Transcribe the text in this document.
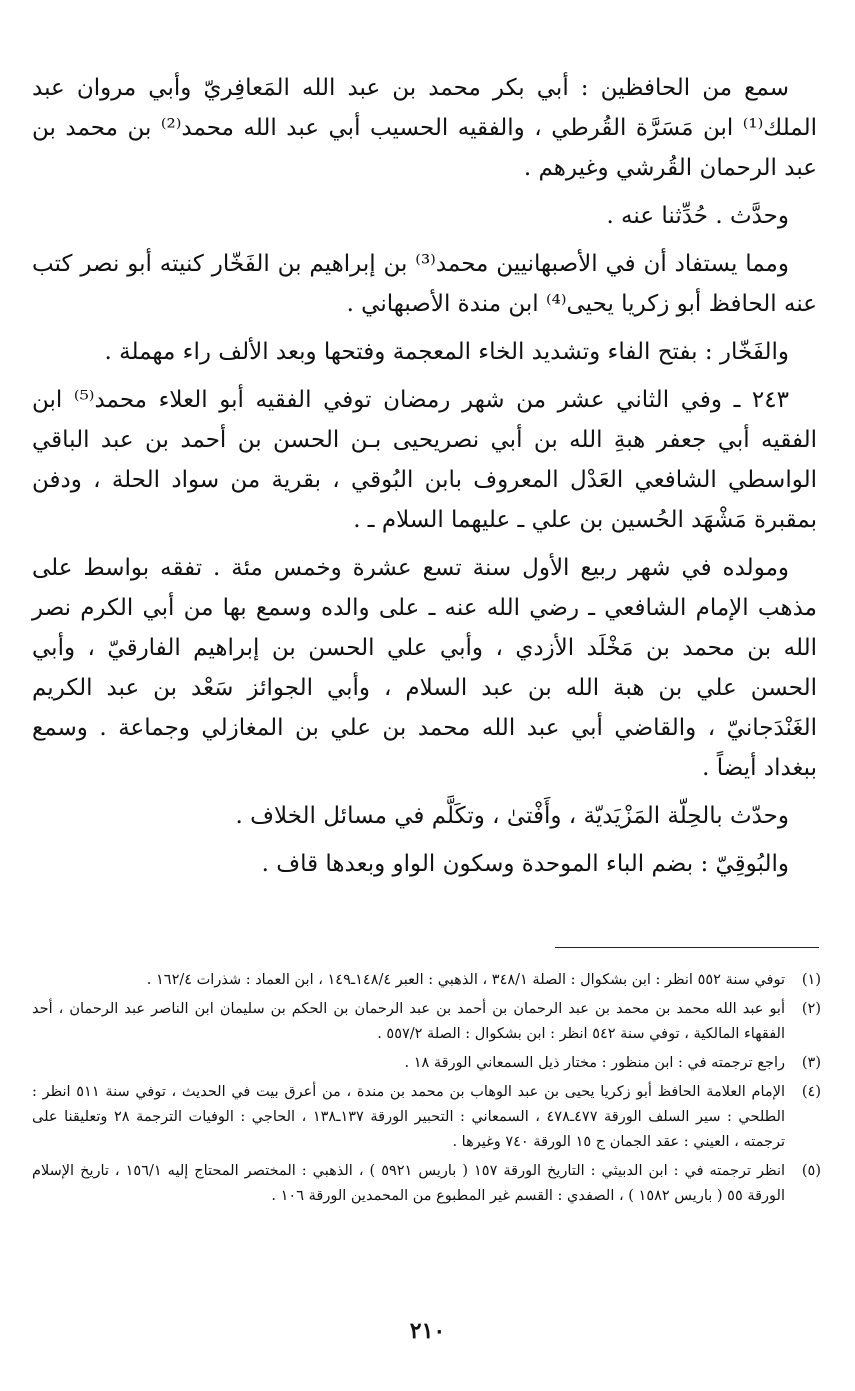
سمع من الحافظين : أبي بكر محمد بن عبد الله المَعافِريّ وأبي مروان عبد الملك⁽¹⁾ ابن مَسَرَّة القُرطي ، والفقيه الحسيب أبي عبد الله محمد⁽²⁾ بن محمد بن عبد الرحمان القُرشي وغيرهم .

وحدَّث . حُدِّثنا عنه .

ومما يستفاد أن في الأصبهانيين محمد⁽³⁾ بن إبراهيم بن الفَخّار كنيته أبو نصر كتب عنه الحافظ أبو زكريا يحيى⁽⁴⁾ ابن مندة الأصبهاني .

والفَخّار : بفتح الفاء وتشديد الخاء المعجمة وفتحها وبعد الألف راء مهملة .

٢٤٣ ـ وفي الثاني عشر من شهر رمضان توفي الفقيه أبو العلاء محمد⁽⁵⁾ ابن الفقيه أبي جعفر هبةِ الله بن أبي نصريحيى بـن الحسن بن أحمد بن عبد الباقي الواسطي الشافعي العَدْل المعروف بابن البُوقي ، بقرية من سواد الحلة ، ودفن بمقبرة مَشْهَد الحُسين بن علي ـ عليهما السلام ـ .

ومولده في شهر ربيع الأول سنة تسع عشرة وخمس مئة . تفقه بواسط على مذهب الإمام الشافعي ـ رضي الله عنه ـ على والده وسمع بها من أبي الكرم نصر الله بن محمد بن مَخْلَد الأزدي ، وأبي علي الحسن بن إبراهيم الفارقيّ ، وأبي الحسن علي بن هبة الله بن عبد السلام ، وأبي الجوائز سَعْد بن عبد الكريم الغَنْدَجانيّ ، والقاضي أبي عبد الله محمد بن علي بن المغازلي وجماعة . وسمع ببغداد أيضاً .

وحدّث بالحِلّة المَزْيَديّة ، وأَفْتىٰ ، وتكَلَّم في مسائل الخلاف .

والبُوقِيّ : بضم الباء الموحدة وسكون الواو وبعدها قاف .

(١)
توفي سنة ٥٥٢ انظر : ابن بشكوال : الصلة ٣٤٨/١ ، الذهبي : العبر ١٤٨/٤ـ١٤٩ ، ابن العماد : شذرات ١٦٢/٤ .
(٢)
أبو عبد الله محمد بن محمد بن عبد الرحمان بن أحمد بن عبد الرحمان بن الحكم بن سليمان ابن الناصر عبد الرحمان ، أحد الفقهاء المالكية ، توفي سنة ٥٤٢ انظر : ابن بشكوال : الصلة ٥٥٧/٢ .
(٣)
راجع ترجمته في : ابن منظور : مختار ذيل السمعاني الورقة ١٨ .
(٤)
الإمام العلامة الحافظ أبو زكريا يحيى بن عبد الوهاب بن محمد بن مندة ، من أعرق بيت في الحديث ، توفي سنة ٥١١ انظر : الطلحي : سير السلف الورقة ٤٧٧ـ٤٧٨ ، السمعاني : التحبير الورقة ١٣٧ـ١٣٨ ، الحاجي : الوفيات الترجمة ٢٨ وتعليقنا على ترجمته ، العيني : عقد الجمان ج ١٥ الورقة ٧٤٠ وغيرها .
(٥)
انظر ترجمته في : ابن الدبيثي : التاريخ الورقة ١٥٧ ( باريس ٥٩٢١ ) ، الذهبي : المختصر المحتاج إليه ١٥٦/١ ، تاريخ الإسلام الورقة ٥٥ ( باريس ١٥٨٢ ) ، الصفدي : القسم غير المطبوع من المحمدين الورقة ١٠٦ .
٢١٠
